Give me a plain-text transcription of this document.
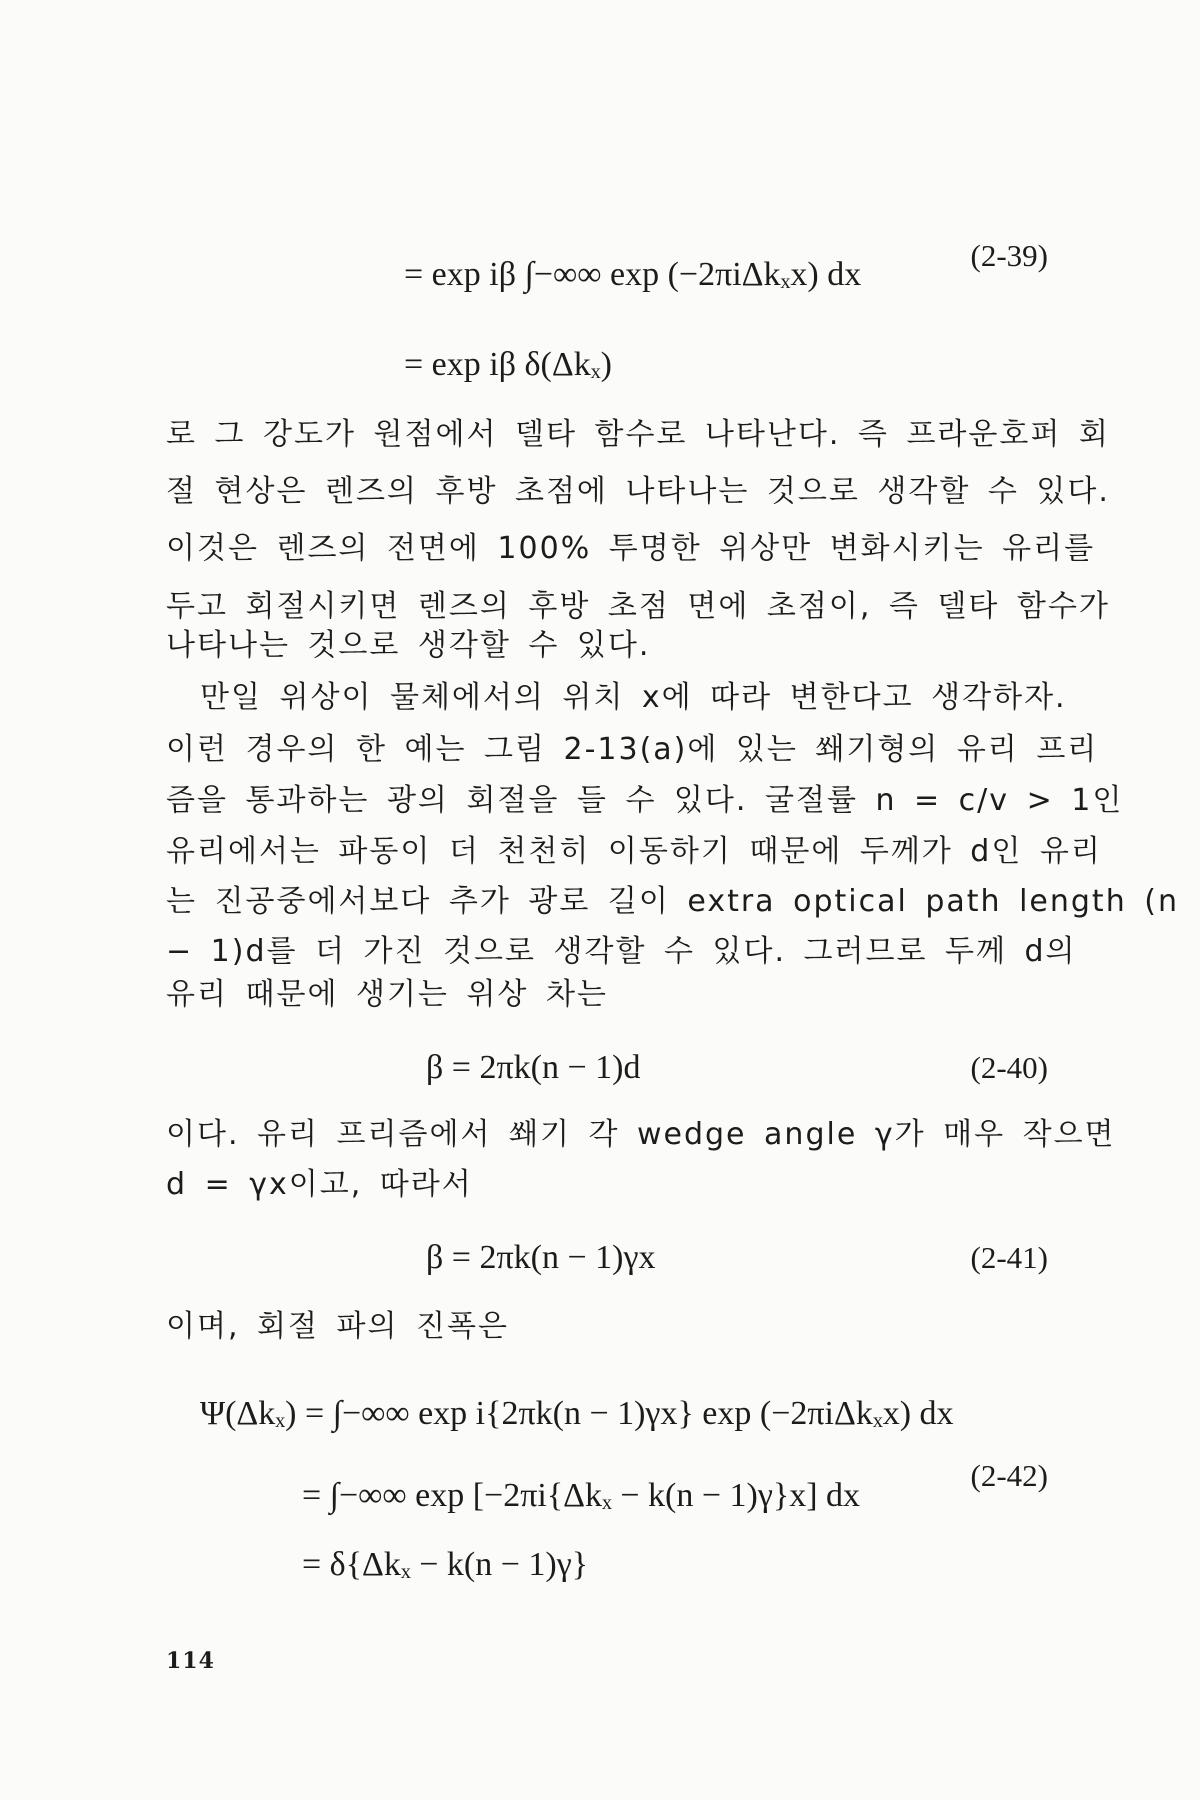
= exp iβ ∫−∞∞ exp (−2πiΔkₓx) dx
(2-39)
= exp iβ δ(Δkₓ)
로 그 강도가 원점에서 델타 함수로 나타난다. 즉 프라운호퍼 회
절 현상은 렌즈의 후방 초점에 나타나는 것으로 생각할 수 있다.
이것은 렌즈의 전면에 100% 투명한 위상만 변화시키는 유리를
두고 회절시키면 렌즈의 후방 초점 면에 초점이, 즉 델타 함수가
나타나는 것으로 생각할 수 있다.
만일 위상이 물체에서의 위치 x에 따라 변한다고 생각하자.
이런 경우의 한 예는 그림 2-13(a)에 있는 쐐기형의 유리 프리
즘을 통과하는 광의 회절을 들 수 있다. 굴절률 n = c/v > 1인
유리에서는 파동이 더 천천히 이동하기 때문에 두께가 d인 유리
는 진공중에서보다 추가 광로 길이 extra optical path length (n
− 1)d를 더 가진 것으로 생각할 수 있다. 그러므로 두께 d의
유리 때문에 생기는 위상 차는
β = 2πk(n − 1)d	(2-40)
이다. 유리 프리즘에서 쐐기 각 wedge angle γ가 매우 작으면
d = γx이고, 따라서
β = 2πk(n − 1)γx	(2-41)
이며, 회절 파의 진폭은
Ψ(Δkₓ) = ∫−∞∞ exp i{2πk(n − 1)γx} exp (−2πiΔkₓx) dx
= ∫−∞∞ exp [−2πi{Δkₓ − k(n − 1)γ}x] dx
(2-42)
= δ{Δkₓ − k(n − 1)γ}
114
